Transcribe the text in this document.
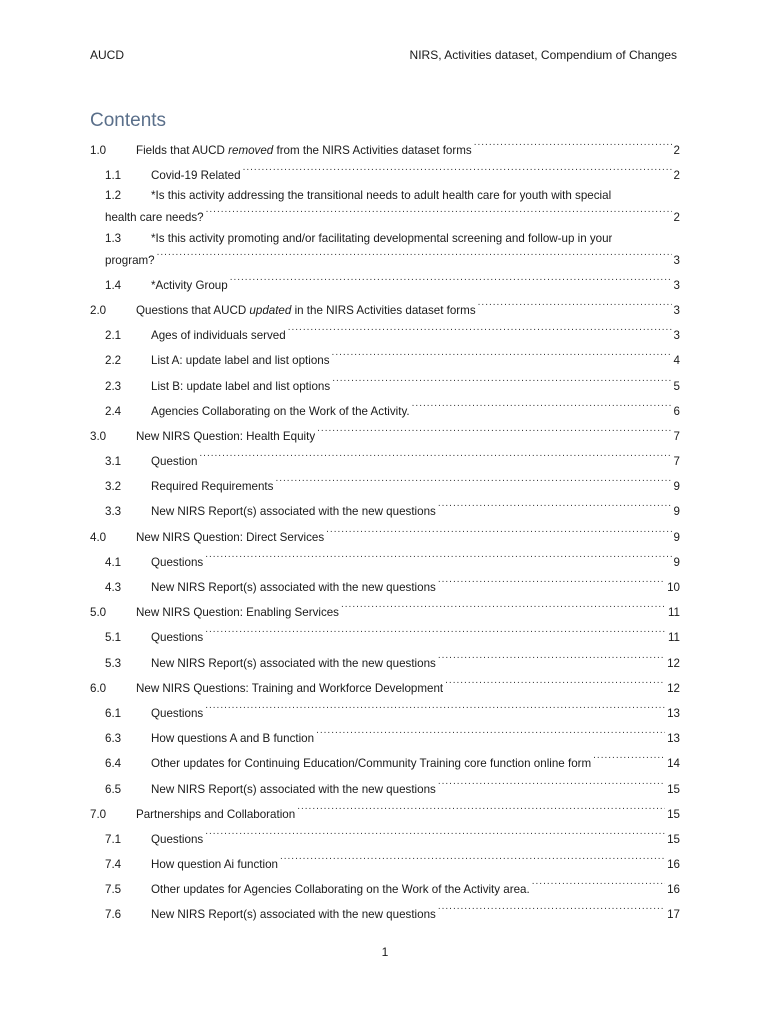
AUCD	NIRS, Activities dataset, Compendium of Changes
Contents
1.0	Fields that AUCD removed from the NIRS Activities dataset forms .....	2
1.1	Covid-19 Related .....	2
1.2	*Is this activity addressing the transitional needs to adult health care for youth with special
health care needs? .....	2
1.3	*Is this activity promoting and/or facilitating developmental screening and follow-up in your
program? .....	3
1.4	*Activity Group .....	3
2.0	Questions that AUCD updated in the NIRS Activities dataset forms .....	3
2.1	Ages of individuals served .....	3
2.2	List A: update label and list options .....	4
2.3	List B: update label and list options .....	5
2.4	Agencies Collaborating on the Work of the Activity. .....	6
3.0	New NIRS Question: Health Equity .....	7
3.1	Question .....	7
3.2	Required Requirements .....	9
3.3	New NIRS Report(s) associated with the new questions .....	9
4.0	New NIRS Question: Direct Services .....	9
4.1	Questions .....	9
4.3	New NIRS Report(s) associated with the new questions .....	10
5.0	New NIRS Question: Enabling Services .....	11
5.1	Questions .....	11
5.3	New NIRS Report(s) associated with the new questions .....	12
6.0	New NIRS Questions: Training and Workforce Development .....	12
6.1	Questions .....	13
6.3	How questions A and B function .....	13
6.4	Other updates for Continuing Education/Community Training core function online form .....	14
6.5	New NIRS Report(s) associated with the new questions .....	15
7.0	Partnerships and Collaboration .....	15
7.1	Questions .....	15
7.4	How question Ai function .....	16
7.5	Other updates for Agencies Collaborating on the Work of the Activity area. .....	16
7.6	New NIRS Report(s) associated with the new questions .....	17
1
